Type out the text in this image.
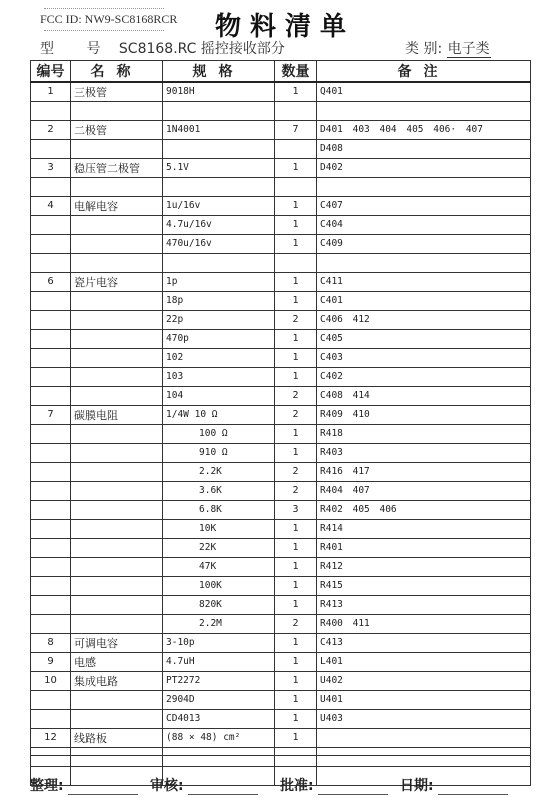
FCC ID: NW9-SC8168RCR 物料清单
型 号 SC8168.RC 摇控接收部分	类 别: 电子类
编号	名称	规格	数量	备注
1	三极管	9018H	1	Q401

2	二极管	1N4001	7	D401 403 404 405 406· 407
				D408
3	稳压管二极管	5.1V	1	D402

4	电解电容	1u/16v	1	C407
		4.7u/16v	1	C404
		470u/16v	1	C409

6	瓷片电容	1p	1	C411
		18p	1	C401
		22p	2	C406 412
		470p	1	C405
		102	1	C403
		103	1	C402
		104	2	C408 414
7	碳膜电阻	1/4W 10 Ω	2	R409 410
		100 Ω	1	R418
		910 Ω	1	R403
		2.2K	2	R416 417
		3.6K	2	R404 407
		6.8K	3	R402 405 406
		10K	1	R414
		22K	1	R401
		47K	1	R412
		100K	1	R415
		820K	1	R413
		2.2M	2	R400 411
8	可调电容	3-10p	1	C413
9	电感	4.7uH	1	L401
10	集成电路	PT2272	1	U402
		2904D	1	U401
		CD4013	1	U403
12	线路板	(88 × 48) cm²	1	

整理:	审核:	批准:	日期:
